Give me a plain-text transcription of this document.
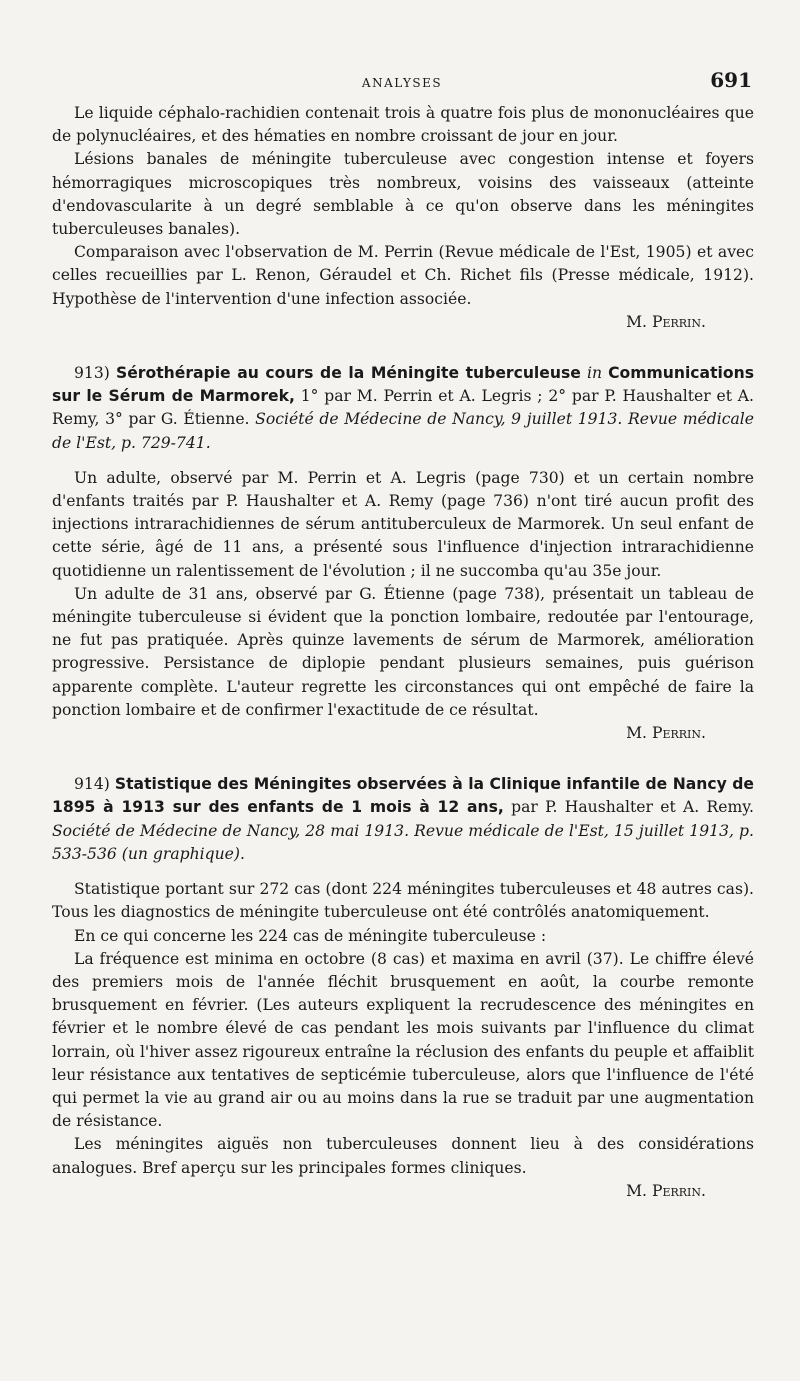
ANALYSES	691

Le liquide céphalo-rachidien contenait trois à quatre fois plus de mononucléaires que de polynucléaires, et des hématies en nombre croissant de jour en jour.

Lésions banales de méningite tuberculeuse avec congestion intense et foyers hémorragiques microscopiques très nombreux, voisins des vaisseaux (atteinte d'endovascularite à un degré semblable à ce qu'on observe dans les méningites tuberculeuses banales).

Comparaison avec l'observation de M. Perrin (Revue médicale de l'Est, 1905) et avec celles recueillies par L. Renon, Géraudel et Ch. Richet fils (Presse médicale, 1912). Hypothèse de l'intervention d'une infection associée.

M. Perrin.

913) Sérothérapie au cours de la Méningite tuberculeuse in Communications sur le Sérum de Marmorek, 1° par M. Perrin et A. Legris ; 2° par P. Haushalter et A. Remy, 3° par G. Étienne. Société de Médecine de Nancy, 9 juillet 1913. Revue médicale de l'Est, p. 729-741.

Un adulte, observé par M. Perrin et A. Legris (page 730) et un certain nombre d'enfants traités par P. Haushalter et A. Remy (page 736) n'ont tiré aucun profit des injections intrarachidiennes de sérum antituberculeux de Marmorek. Un seul enfant de cette série, âgé de 11 ans, a présenté sous l'influence d'injection intrarachidienne quotidienne un ralentissement de l'évolution ; il ne succomba qu'au 35e jour.

Un adulte de 31 ans, observé par G. Étienne (page 738), présentait un tableau de méningite tuberculeuse si évident que la ponction lombaire, redoutée par l'entourage, ne fut pas pratiquée. Après quinze lavements de sérum de Marmorek, amélioration progressive. Persistance de diplopie pendant plusieurs semaines, puis guérison apparente complète. L'auteur regrette les circonstances qui ont empêché de faire la ponction lombaire et de confirmer l'exactitude de ce résultat.

M. Perrin.

914) Statistique des Méningites observées à la Clinique infantile de Nancy de 1895 à 1913 sur des enfants de 1 mois à 12 ans, par P. Haushalter et A. Remy. Société de Médecine de Nancy, 28 mai 1913. Revue médicale de l'Est, 15 juillet 1913, p. 533-536 (un graphique).

Statistique portant sur 272 cas (dont 224 méningites tuberculeuses et 48 autres cas). Tous les diagnostics de méningite tuberculeuse ont été contrôlés anatomiquement.

En ce qui concerne les 224 cas de méningite tuberculeuse :

La fréquence est minima en octobre (8 cas) et maxima en avril (37). Le chiffre élevé des premiers mois de l'année fléchit brusquement en août, la courbe remonte brusquement en février. (Les auteurs expliquent la recrudescence des méningites en février et le nombre élevé de cas pendant les mois suivants par l'influence du climat lorrain, où l'hiver assez rigoureux entraîne la réclusion des enfants du peuple et affaiblit leur résistance aux tentatives de septicémie tuberculeuse, alors que l'influence de l'été qui permet la vie au grand air ou au moins dans la rue se traduit par une augmentation de résistance.

Les méningites aiguës non tuberculeuses donnent lieu à des considérations analogues. Bref aperçu sur les principales formes cliniques.

M. Perrin.
